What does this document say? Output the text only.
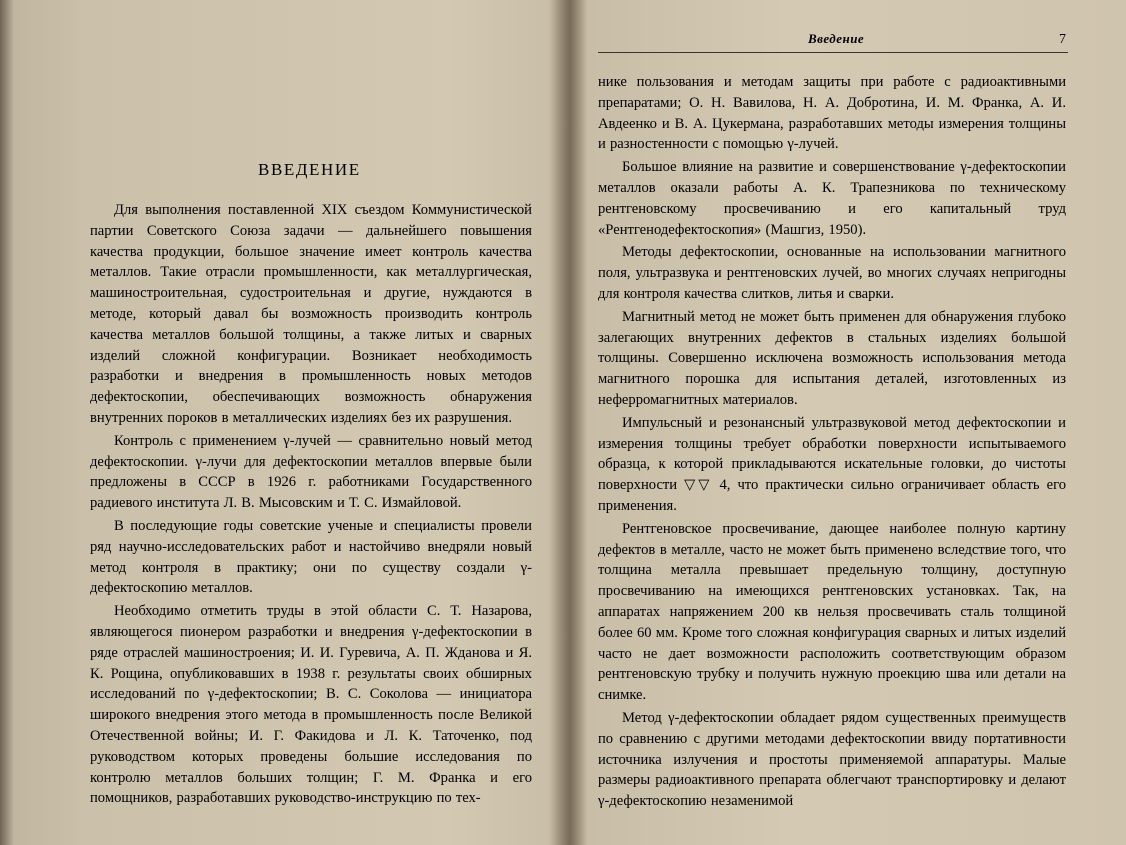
Введение	7
ВВЕДЕНИЕ

Для выполнения поставленной XIX съездом Коммунистической партии Советского Союза задачи — дальнейшего повышения качества продукции, большое значение имеет контроль качества металлов. Такие отрасли промышленности, как металлургическая, машиностроительная, судостроительная и другие, нуждаются в методе, который давал бы возможность производить контроль качества металлов большой толщины, а также литых и сварных изделий сложной конфигурации. Возникает необходимость разработки и внедрения в промышленность новых методов дефектоскопии, обеспечивающих возможность обнаружения внутренних пороков в металлических изделиях без их разрушения.

Контроль с применением γ-лучей — сравнительно новый метод дефектоскопии. γ-лучи для дефектоскопии металлов впервые были предложены в СССР в 1926 г. работниками Государственного радиевого института Л. В. Мысовским и Т. С. Измайловой.

В последующие годы советские ученые и специалисты провели ряд научно-исследовательских работ и настойчиво внедряли новый метод контроля в практику; они по существу создали γ-дефектоскопию металлов.

Необходимо отметить труды в этой области С. Т. Назарова, являющегося пионером разработки и внедрения γ-дефектоскопии в ряде отраслей машиностроения; И. И. Гуревича, А. П. Жданова и Я. К. Рощина, опубликовавших в 1938 г. результаты своих обширных исследований по γ-дефектоскопии; В. С. Соколова — инициатора широкого внедрения этого метода в промышленность после Великой Отечественной войны; И. Г. Факидова и Л. К. Таточенко, под руководством которых проведены большие исследования по контролю металлов больших толщин; Г. М. Франка и его помощников, разработавших руководство-инструкцию по тех-

нике пользования и методам защиты при работе с радиоактивными препаратами; О. Н. Вавилова, Н. А. Добротина, И. М. Франка, А. И. Авдеенко и В. А. Цукермана, разработавших методы измерения толщины и разностенности с помощью γ-лучей.

Большое влияние на развитие и совершенствование γ-дефектоскопии металлов оказали работы А. К. Трапезникова по техническому рентгеновскому просвечиванию и его капитальный труд «Рентгенодефектоскопия» (Машгиз, 1950).

Методы дефектоскопии, основанные на использовании магнитного поля, ультразвука и рентгеновских лучей, во многих случаях непригодны для контроля качества слитков, литья и сварки.

Магнитный метод не может быть применен для обнаружения глубоко залегающих внутренних дефектов в стальных изделиях большой толщины. Совершенно исключена возможность использования метода магнитного порошка для испытания деталей, изготовленных из неферромагнитных материалов.

Импульсный и резонансный ультразвуковой метод дефектоскопии и измерения толщины требует обработки поверхности испытываемого образца, к которой прикладываются искательные головки, до чистоты поверхности ▽▽ 4, что практически сильно ограничивает область его применения.

Рентгеновское просвечивание, дающее наиболее полную картину дефектов в металле, часто не может быть применено вследствие того, что толщина металла превышает предельную толщину, доступную просвечиванию на имеющихся рентгеновских установках. Так, на аппаратах напряжением 200 кв нельзя просвечивать сталь толщиной более 60 мм. Кроме того сложная конфигурация сварных и литых изделий часто не дает возможности расположить соответствующим образом рентгеновскую трубку и получить нужную проекцию шва или детали на снимке.

Метод γ-дефектоскопии обладает рядом существенных преимуществ по сравнению с другими методами дефектоскопии ввиду портативности источника излучения и простоты применяемой аппаратуры. Малые размеры радиоактивного препарата облегчают транспортировку и делают γ-дефектоскопию незаменимой
